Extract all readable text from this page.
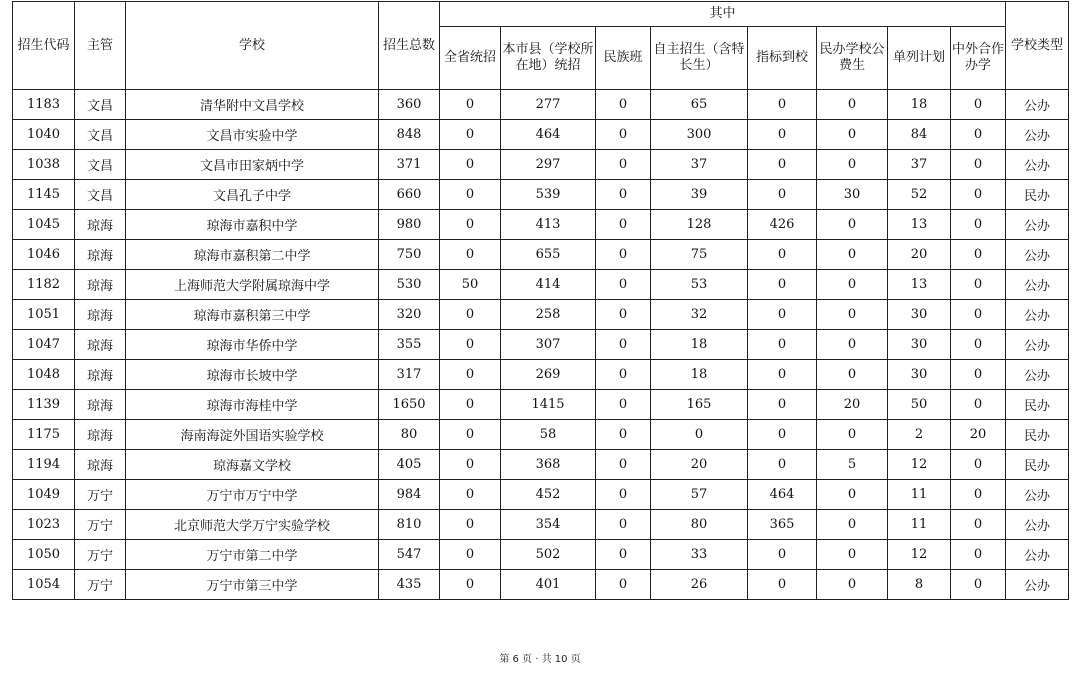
招生代码	主管	学校	招生总数	其中								学校类型
				全省统招	本市县（学校所在地）统招	民族班	自主招生（含特长生）	指标到校	民办学校公费生	单列计划	中外合作办学	
1183	文昌	清华附中文昌学校	360	0	277	0	65	0	0	18	0	公办
1040	文昌	文昌市实验中学	848	0	464	0	300	0	0	84	0	公办
1038	文昌	文昌市田家炳中学	371	0	297	0	37	0	0	37	0	公办
1145	文昌	文昌孔子中学	660	0	539	0	39	0	30	52	0	民办
1045	琼海	琼海市嘉积中学	980	0	413	0	128	426	0	13	0	公办
1046	琼海	琼海市嘉积第二中学	750	0	655	0	75	0	0	20	0	公办
1182	琼海	上海师范大学附属琼海中学	530	50	414	0	53	0	0	13	0	公办
1051	琼海	琼海市嘉积第三中学	320	0	258	0	32	0	0	30	0	公办
1047	琼海	琼海市华侨中学	355	0	307	0	18	0	0	30	0	公办
1048	琼海	琼海市长坡中学	317	0	269	0	18	0	0	30	0	公办
1139	琼海	琼海市海桂中学	1650	0	1415	0	165	0	20	50	0	民办
1175	琼海	海南海淀外国语实验学校	80	0	58	0	0	0	0	2	20	民办
1194	琼海	琼海嘉文学校	405	0	368	0	20	0	5	12	0	民办
1049	万宁	万宁市万宁中学	984	0	452	0	57	464	0	11	0	公办
1023	万宁	北京师范大学万宁实验学校	810	0	354	0	80	365	0	11	0	公办
1050	万宁	万宁市第二中学	547	0	502	0	33	0	0	12	0	公办
1054	万宁	万宁市第三中学	435	0	401	0	26	0	0	8	0	公办
第 6 页 · 共 10 页
